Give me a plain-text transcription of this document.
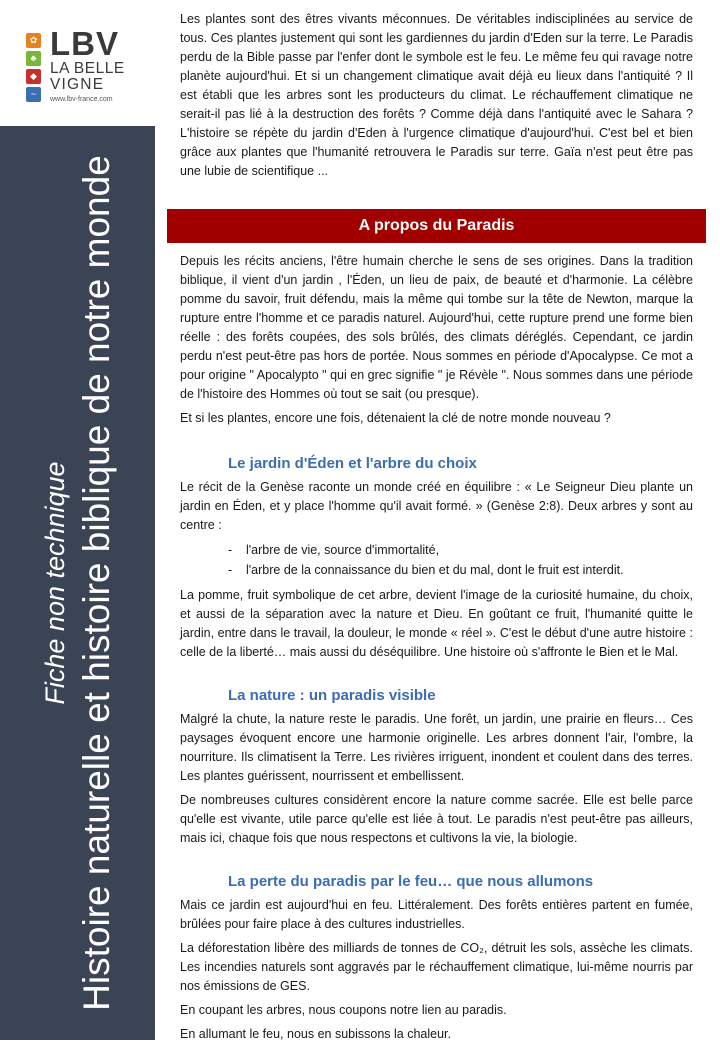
✿
♣
◆
~
LBV
LA BELLE
VIGNE
www.lbv-france.com
Fiche non technique Histoire naturelle et histoire biblique de notre monde

Les plantes sont des êtres vivants méconnues. De véritables indisciplinées au service de tous. Ces plantes justement qui sont les gardiennes du jardin d'Eden sur la terre. Le Paradis perdu de la Bible passe par l'enfer dont le symbole est le feu. Le même feu qui ravage notre planète aujourd'hui. Et si un changement climatique avait déjà eu lieux dans l'antiquité ? Il est établi que les arbres sont les producteurs du climat. Le réchauffement climatique ne serait-il pas lié à la destruction des forêts ? Comme déjà dans l'antiquité avec le Sahara ? L'histoire se répète du jardin d'Eden à l'urgence climatique d'aujourd'hui. C'est bel et bien grâce aux plantes que l'humanité retrouvera le Paradis sur terre. Gaïa n'est peut être pas une lubie de scientifique ...

A propos du Paradis

Depuis les récits anciens, l'être humain cherche le sens de ses origines. Dans la tradition biblique, il vient d'un jardin , l'Éden, un lieu de paix, de beauté et d'harmonie. La célèbre pomme du savoir, fruit défendu, mais la même qui tombe sur la tête de Newton, marque la rupture entre l'homme et ce paradis naturel. Aujourd'hui, cette rupture prend une forme bien réelle : des forêts coupées, des sols brûlés, des climats déréglés. Cependant, ce jardin perdu n'est peut-être pas hors de portée. Nous sommes en période d'Apocalypse. Ce mot a pour origine " Apocalypto " qui en grec signifie " je Révèle ". Nous sommes dans une période de l'histoire des Hommes où tout se sait (ou presque).

Et si les plantes, encore une fois, détenaient la clé de notre monde nouveau ?

Le jardin d'Éden et l'arbre du choix

Le récit de la Genèse raconte un monde créé en équilibre : « Le Seigneur Dieu plante un jardin en Éden, et y place l'homme qu'il avait formé. » (Genèse 2:8). Deux arbres y sont au centre :

- l'arbre de vie, source d'immortalité,
- l'arbre de la connaissance du bien et du mal, dont le fruit est interdit.

La pomme, fruit symbolique de cet arbre, devient l'image de la curiosité humaine, du choix, et aussi de la séparation avec la nature et Dieu. En goûtant ce fruit, l'humanité quitte le jardin, entre dans le travail, la douleur, le monde « réel ». C'est le début d'une autre histoire : celle de la liberté… mais aussi du déséquilibre. Une histoire où s'affronte le Bien et le Mal.

La nature : un paradis visible

Malgré la chute, la nature reste le paradis. Une forêt, un jardin, une prairie en fleurs… Ces paysages évoquent encore une harmonie originelle. Les arbres donnent l'air, l'ombre, la nourriture. Ils climatisent la Terre. Les rivières irriguent, inondent et coulent dans des terres. Les plantes guérissent, nourrissent et embellissent.

De nombreuses cultures considèrent encore la nature comme sacrée. Elle est belle parce qu'elle est vivante, utile parce qu'elle est liée à tout. Le paradis n'est peut-être pas ailleurs, mais ici, chaque fois que nous respectons et cultivons la vie, la biologie.

La perte du paradis par le feu… que nous allumons

Mais ce jardin est aujourd'hui en feu. Littéralement. Des forêts entières partent en fumée, brûlées pour faire place à des cultures industrielles.

La déforestation libère des milliards de tonnes de CO₂, détruit les sols, assèche les climats. Les incendies naturels sont aggravés par le réchauffement climatique, lui-même nourris par nos émissions de GES.

En coupant les arbres, nous coupons notre lien au paradis.

En allumant le feu, nous en subissons la chaleur.
